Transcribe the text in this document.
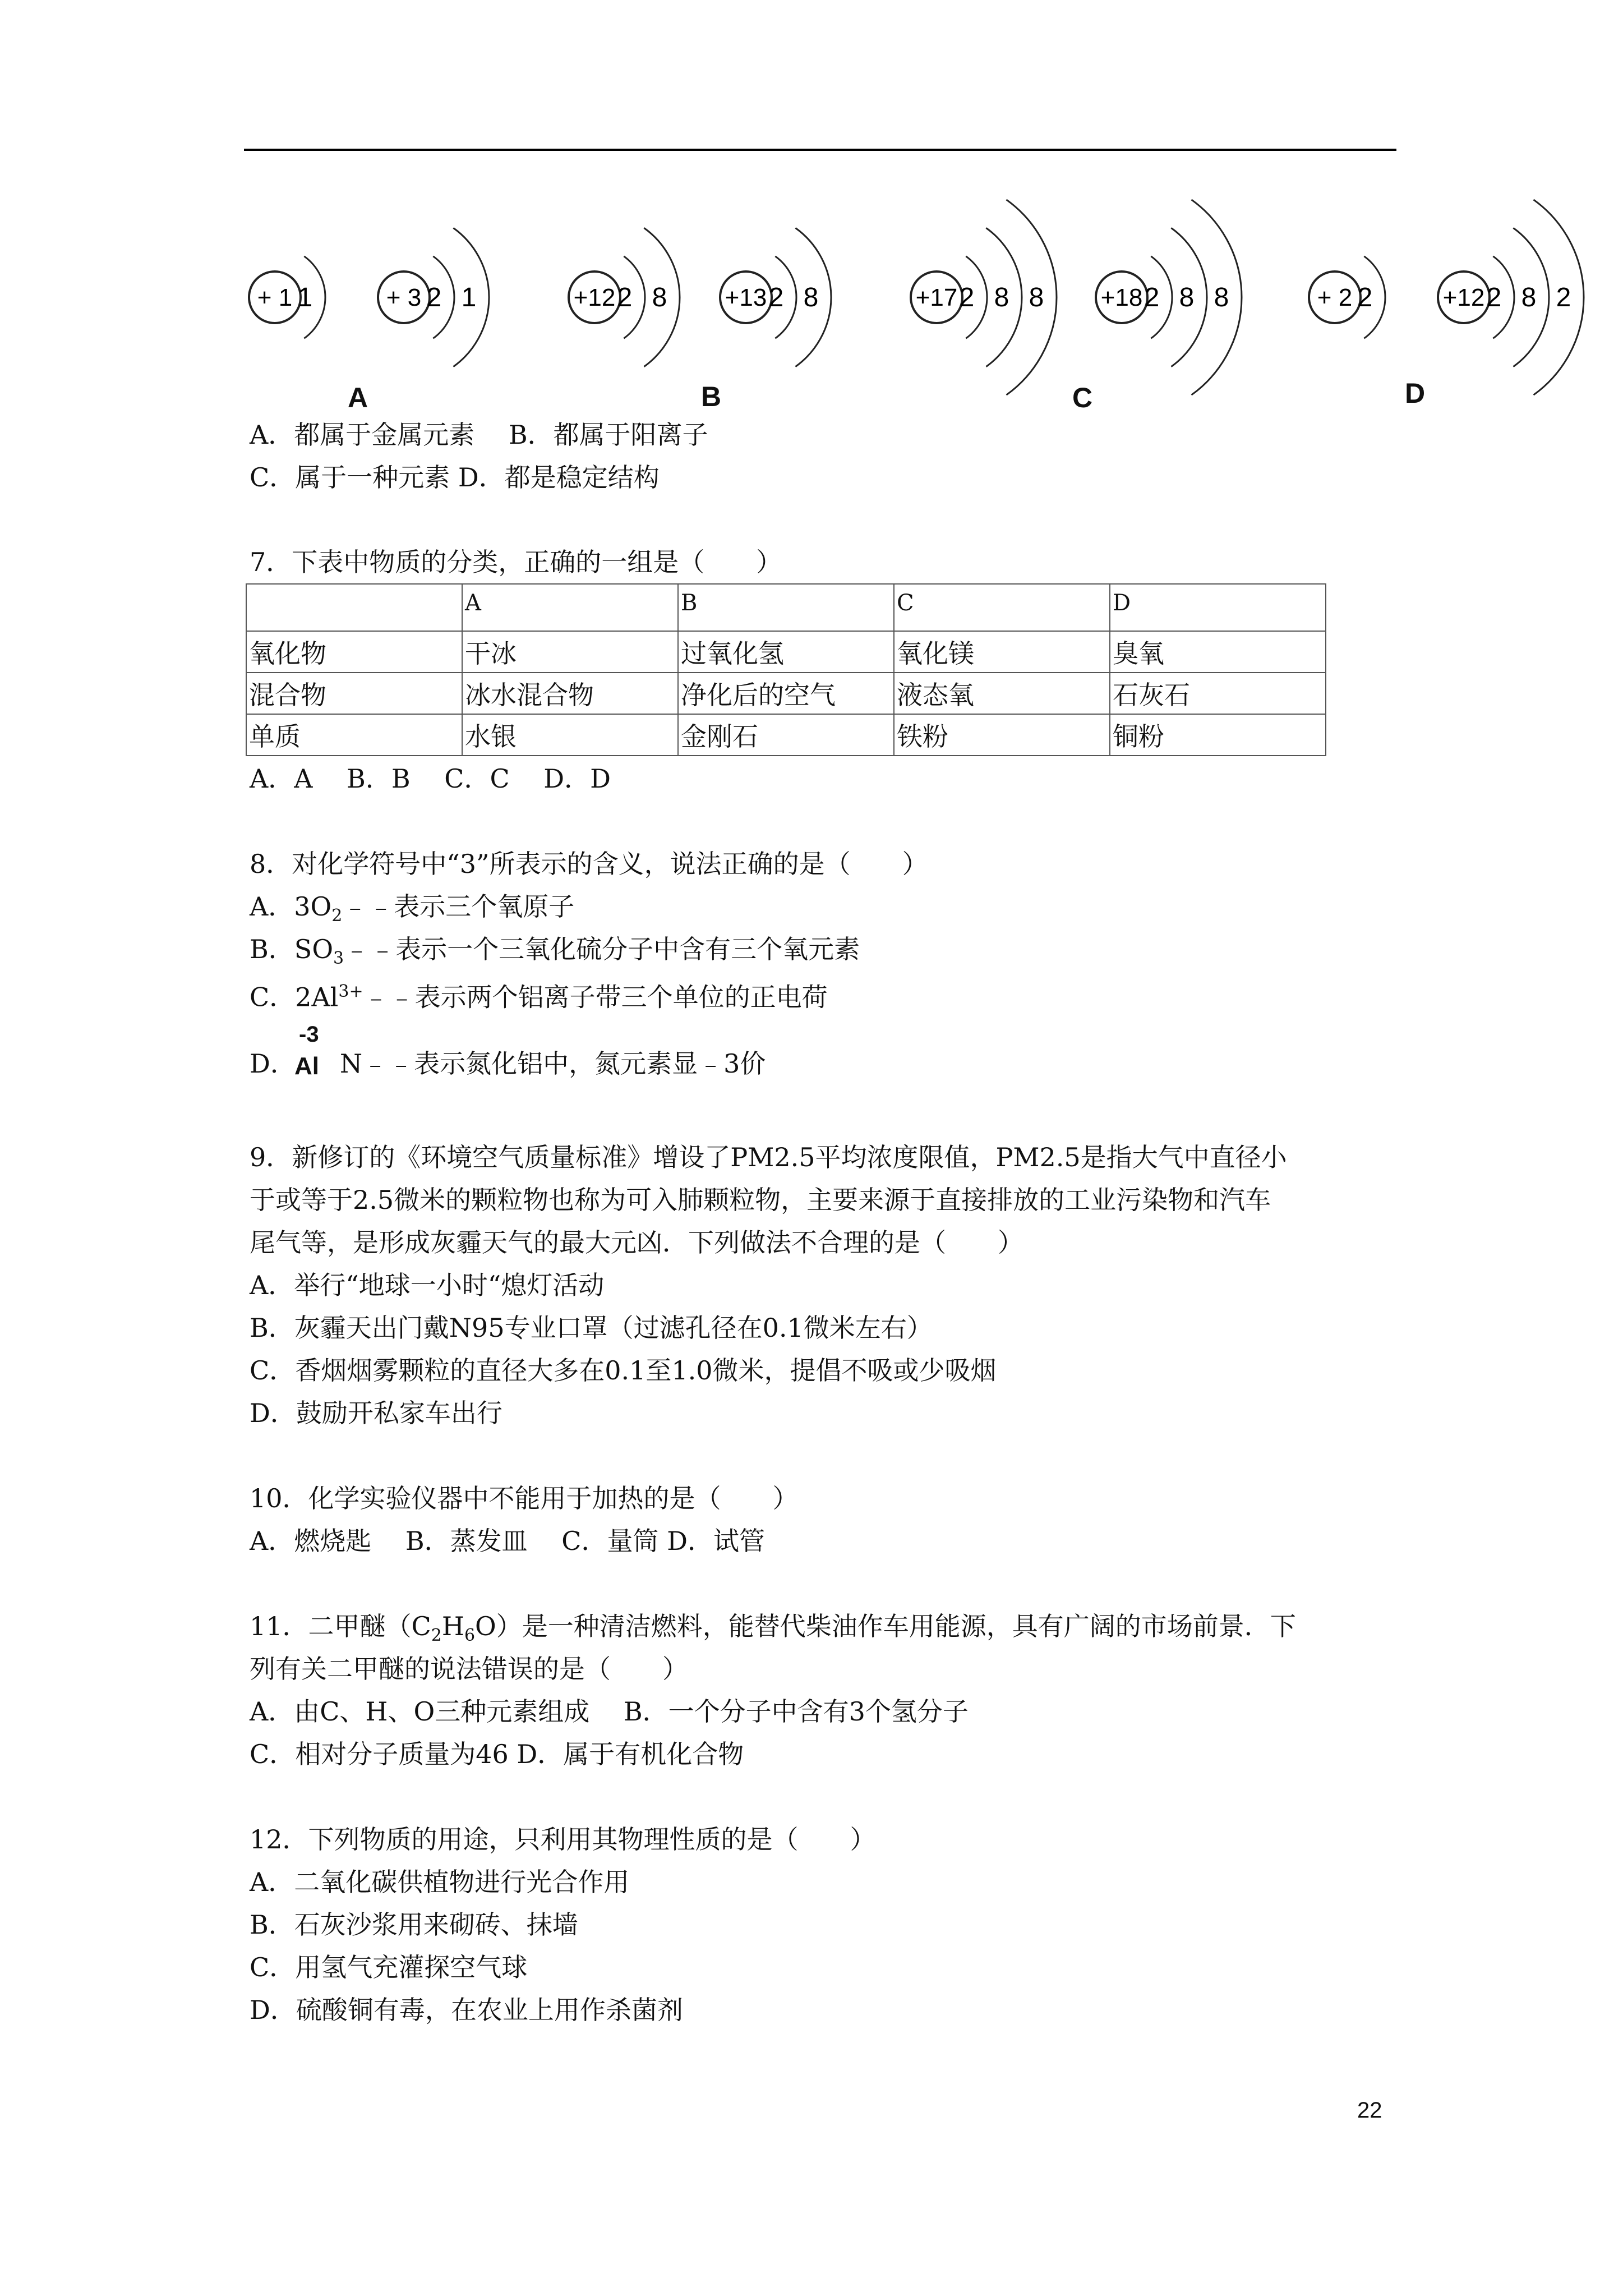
+ 1 1	+ 3 2 1	+12 2 8 +13 2 8	+17 2 8 8 +18 2 8 8	+ 2 2	+12 2 8 2
A	B	C	D
A．都属于金属元素　 B．都属于阳离子
C．属于一种元素 D．都是稳定结构
7．下表中物质的分类，正确的一组是（　　）
	A	B	C	D
氧化物	干冰	过氧化氢	氧化镁	臭氧
混合物	冰水混合物	净化后的空气	液态氧	石灰石
单质	水银	金刚石	铁粉	铜粉
A．A　 B．B　 C．C　 D．D
8．对化学符号中“3”所表示的含义，说法正确的是（　　）
A．$3O_2﹣﹣$表示三个氧原子
B．$SO_3﹣﹣$表示一个三氧化硫分子中含有三个氧元素
C．$2Al^{3+}﹣﹣$表示两个铝离子带三个单位的正电荷
D． N﹣﹣表示氮化铝中，氮元素显﹣3价
-3
Al
9．新修订的《环境空气质量标准》增设了PM2.5平均浓度限值，PM2.5是指大气中直径小
于或等于2.5微米的颗粒物也称为可入肺颗粒物，主要来源于直接排放的工业污染物和汽车
尾气等，是形成灰霾天气的最大元凶．下列做法不合理的是（　　）
A．举行“地球一小时“熄灯活动
B．灰霾天出门戴N95专业口罩（过滤孔径在0.1微米左右）
C．香烟烟雾颗粒的直径大多在0.1至1.0微米，提倡不吸或少吸烟
D．鼓励开私家车出行
10．化学实验仪器中不能用于加热的是（　　）
A．燃烧匙　 B．蒸发皿　 C．量筒 D．试管
11．二甲醚$(C_2H_6O)$是一种清洁燃料，能替代柴油作车用能源，具有广阔的市场前景．下
列有关二甲醚的说法错误的是（　　）
A．由C、H、O三种元素组成　 B．一个分子中含有3个氢分子
C．相对分子质量为46 D．属于有机化合物
12．下列物质的用途，只利用其物理性质的是（　　）
A．二氧化碳供植物进行光合作用
B．石灰沙浆用来砌砖、抹墙
C．用氢气充灌探空气球
D．硫酸铜有毒，在农业上用作杀菌剂
22
